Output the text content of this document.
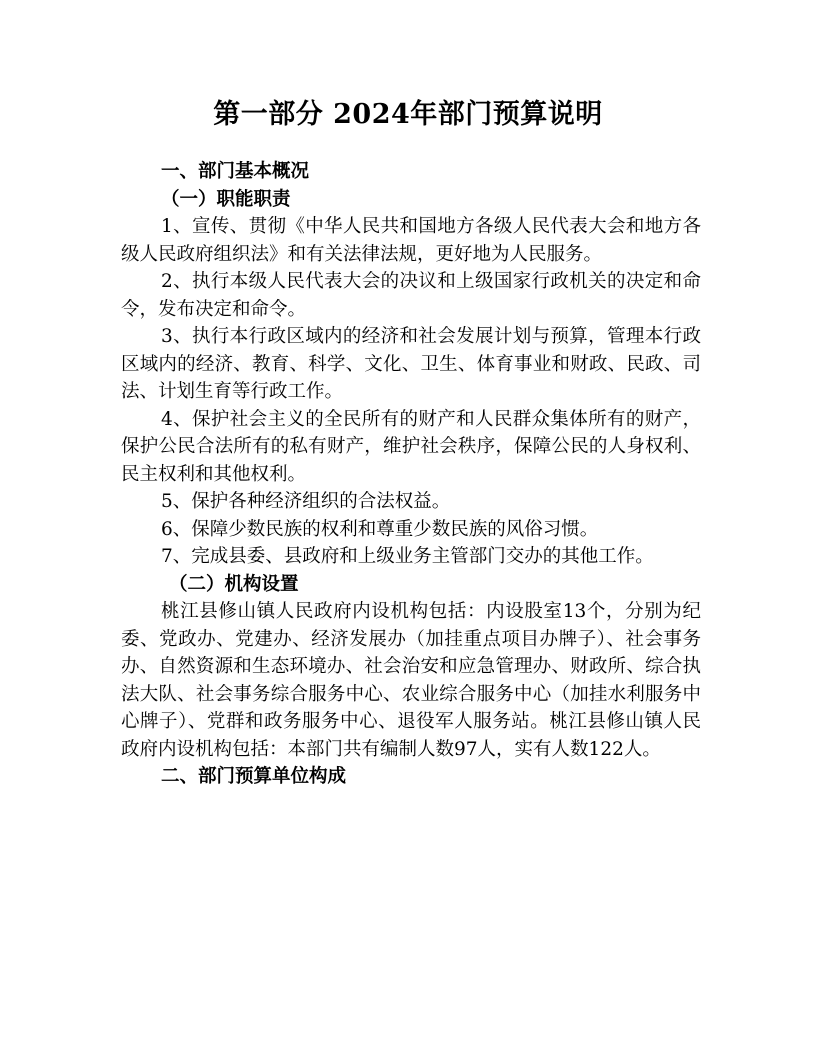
第一部分 2024年部门预算说明

一、部门基本概况

（一）职能职责

1、宣传、贯彻《中华人民共和国地方各级人民代表大会和地方各级人民政府组织法》和有关法律法规，更好地为人民服务。

2、执行本级人民代表大会的决议和上级国家行政机关的决定和命令，发布决定和命令。

3、执行本行政区域内的经济和社会发展计划与预算，管理本行政区域内的经济、教育、科学、文化、卫生、体育事业和财政、民政、司法、计划生育等行政工作。

4、保护社会主义的全民所有的财产和人民群众集体所有的财产，保护公民合法所有的私有财产，维护社会秩序，保障公民的人身权利、民主权利和其他权利。

5、保护各种经济组织的合法权益。

6、保障少数民族的权利和尊重少数民族的风俗习惯。

7、完成县委、县政府和上级业务主管部门交办的其他工作。

（二）机构设置

桃江县修山镇人民政府内设机构包括：内设股室13个，分别为纪委、党政办、党建办、经济发展办（加挂重点项目办牌子）、社会事务办、自然资源和生态环境办、社会治安和应急管理办、财政所、综合执法大队、社会事务综合服务中心、农业综合服务中心（加挂水利服务中心牌子）、党群和政务服务中心、退役军人服务站。桃江县修山镇人民政府内设机构包括：本部门共有编制人数97人，实有人数122人。

二、部门预算单位构成
